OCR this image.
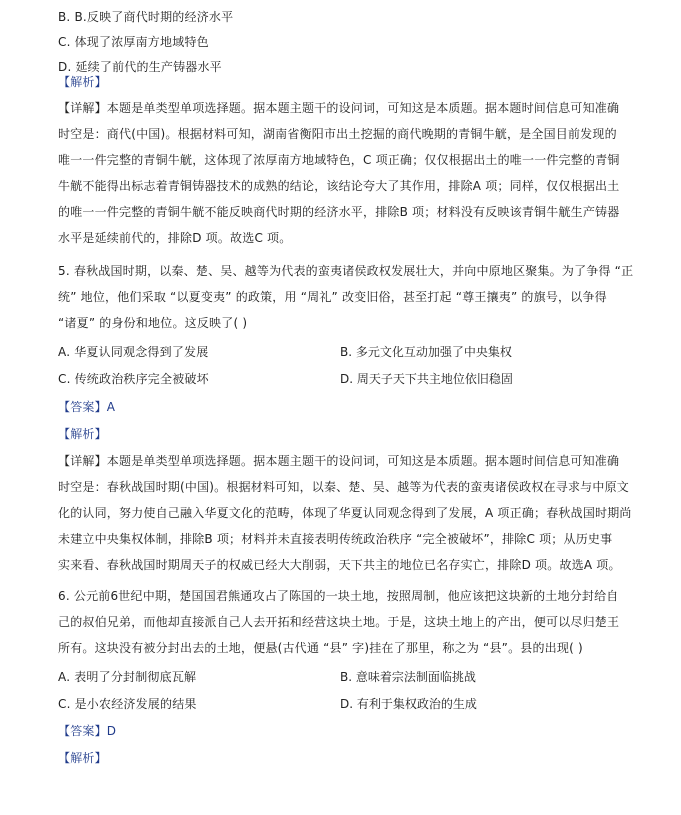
B. B.反映了商代时期的经济水平
C. 体现了浓厚南方地域特色
D. 延续了前代的生产铸器水平
【解析】
【详解】本题是单类型单项选择题。据本题主题干的设问词，可知这是本质题。据本题时间信息可知准确
时空是：商代(中国)。根据材料可知，湖南省衡阳市出土挖掘的商代晚期的青铜牛觥，是全国目前发现的
唯一一件完整的青铜牛觥，这体现了浓厚南方地域特色，C 项正确；仅仅根据出土的唯一一件完整的青铜
牛觥不能得出标志着青铜铸器技术的成熟的结论，该结论夸大了其作用，排除A 项；同样，仅仅根据出土
的唯一一件完整的青铜牛觥不能反映商代时期的经济水平，排除B 项；材料没有反映该青铜牛觥生产铸器
水平是延续前代的，排除D 项。故选C 项。
5. 春秋战国时期，以秦、楚、吴、越等为代表的蛮夷诸侯政权发展壮大，并向中原地区聚集。为了争得 “正
统” 地位，他们采取 “以夏变夷” 的政策，用 “周礼” 改变旧俗，甚至打起 “尊王攘夷” 的旗号，以争得
“诸夏” 的身份和地位。这反映了( )
A. 华夏认同观念得到了发展	B. 多元文化互动加强了中央集权
C. 传统政治秩序完全被破坏	D. 周天子天下共主地位依旧稳固
【答案】A
【解析】
【详解】本题是单类型单项选择题。据本题主题干的设问词，可知这是本质题。据本题时间信息可知准确
时空是：春秋战国时期(中国)。根据材料可知，以秦、楚、吴、越等为代表的蛮夷诸侯政权在寻求与中原文
化的认同，努力使自己融入华夏文化的范畴，体现了华夏认同观念得到了发展，A 项正确；春秋战国时期尚
未建立中央集权体制，排除B 项；材料并未直接表明传统政治秩序 “完全被破坏”，排除C 项；从历史事
实来看、春秋战国时期周天子的权威已经大大削弱，天下共主的地位已名存实亡，排除D 项。故选A 项。
6. 公元前6世纪中期，楚国国君熊通攻占了陈国的一块土地，按照周制，他应该把这块新的土地分封给自
己的叔伯兄弟，而他却直接派自己人去开拓和经营这块土地。于是，这块土地上的产出，便可以尽归楚王
所有。这块没有被分封出去的土地，便悬(古代通 “县” 字)挂在了那里，称之为 “县”。县的出现( )
A. 表明了分封制彻底瓦解	B. 意味着宗法制面临挑战
C. 是小农经济发展的结果	D. 有利于集权政治的生成
【答案】D
【解析】
